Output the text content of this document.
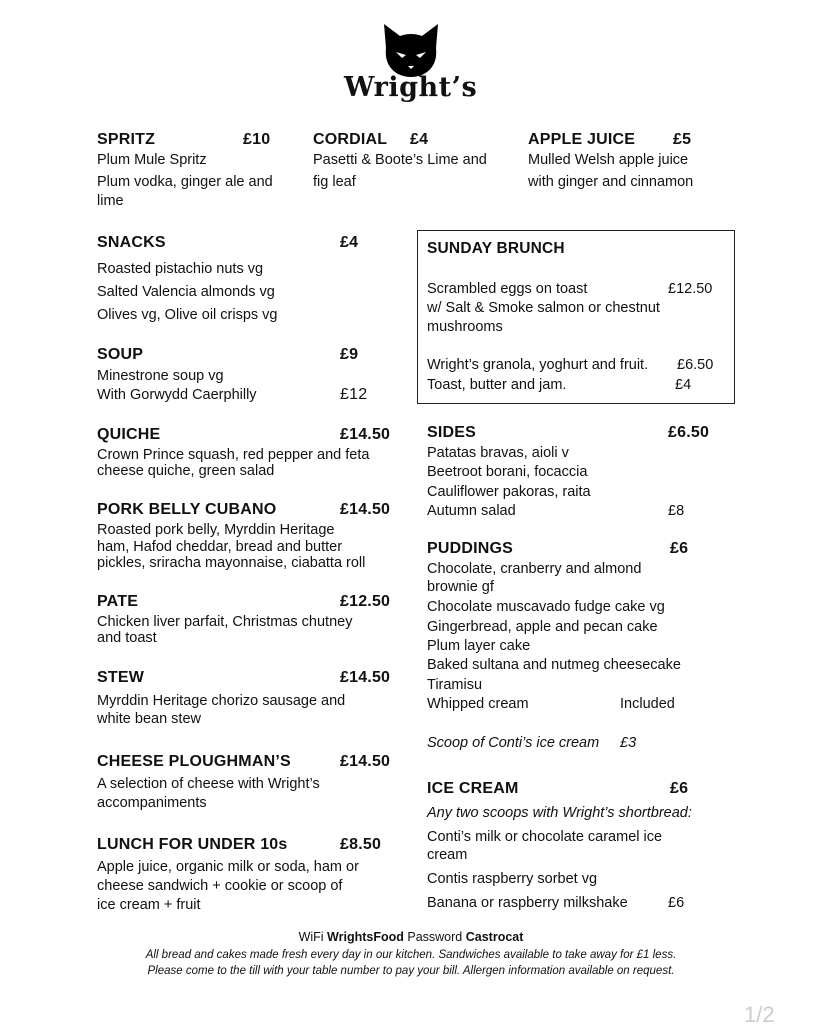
Wright’s
SPRITZ	£10
Plum Mule Spritz
Plum vodka, ginger ale and
lime
CORDIAL £4
Pasetti & Boote’s Lime and
fig leaf
APPLE JUICE £5
Mulled Welsh apple juice
with ginger and cinnamon
SNACKS	£4
Roasted pistachio nuts vg
Salted Valencia almonds vg
Olives vg, Olive oil crisps vg
SOUP	£9
Minestrone soup vg
With Gorwydd Caerphilly	£12
QUICHE	£14.50
Crown Prince squash, red pepper and feta
cheese quiche, green salad
PORK BELLY CUBANO	£14.50
Roasted pork belly, Myrddin Heritage
ham, Hafod cheddar, bread and butter
pickles, sriracha mayonnaise, ciabatta roll
PATE	£12.50
Chicken liver parfait, Christmas chutney
and toast
STEW	£14.50
Myrddin Heritage chorizo sausage and
white bean stew
CHEESE PLOUGHMAN’S	£14.50
A selection of cheese with Wright’s
accompaniments
LUNCH FOR UNDER 10s	£8.50
Apple juice, organic milk or soda, ham or
cheese sandwich + cookie or scoop of
ice cream + fruit
SUNDAY BRUNCH
Scrambled eggs on toast	£12.50
w/ Salt & Smoke salmon or chestnut
mushrooms
Wright’s granola, yoghurt and fruit. £6.50
Toast, butter and jam.	£4
SIDES	£6.50
Patatas bravas, aioli v
Beetroot borani, focaccia
Cauliflower pakoras, raita
Autumn salad	£8
PUDDINGS	£6
Chocolate, cranberry and almond
brownie gf
Chocolate muscavado fudge cake vg
Gingerbread, apple and pecan cake
Plum layer cake
Baked sultana and nutmeg cheesecake
Tiramisu
Whipped cream	Included
Scoop of Conti’s ice cream £3
ICE CREAM	£6
Any two scoops with Wright’s shortbread:
Conti’s milk or chocolate caramel ice
cream
Contis raspberry sorbet vg
Banana or raspberry milkshake	£6
WiFi WrightsFood Password Castrocat
All bread and cakes made fresh every day in our kitchen. Sandwiches available to take away for £1 less.
Please come to the till with your table number to pay your bill. Allergen information available on request.
1/2
